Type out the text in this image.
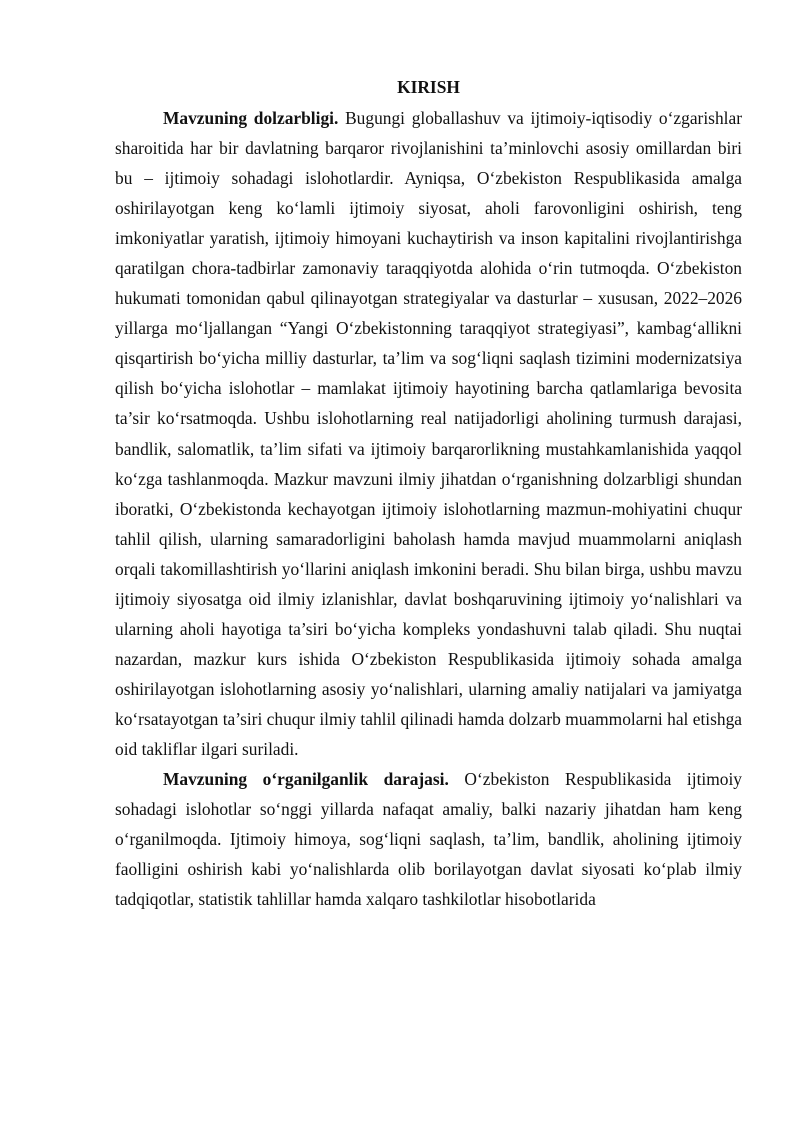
KIRISH

Mavzuning dolzarbligi. Bugungi globallashuv va ijtimoiy-iqtisodiy o‘zgarishlar sharoitida har bir davlatning barqaror rivojlanishini ta’minlovchi asosiy omillardan biri bu – ijtimoiy sohadagi islohotlardir. Ayniqsa, O‘zbekiston Respublikasida amalga oshirilayotgan keng ko‘lamli ijtimoiy siyosat, aholi farovonligini oshirish, teng imkoniyatlar yaratish, ijtimoiy himoyani kuchaytirish va inson kapitalini rivojlantirishga qaratilgan chora-tadbirlar zamonaviy taraqqiyotda alohida o‘rin tutmoqda. O‘zbekiston hukumati tomonidan qabul qilinayotgan strategiyalar va dasturlar – xususan, 2022–2026 yillarga mo‘ljallangan “Yangi O‘zbekistonning taraqqiyot strategiyasi”, kambag‘allikni qisqartirish bo‘yicha milliy dasturlar, ta’lim va sog‘liqni saqlash tizimini modernizatsiya qilish bo‘yicha islohotlar – mamlakat ijtimoiy hayotining barcha qatlamlariga bevosita ta’sir ko‘rsatmoqda. Ushbu islohotlarning real natijadorligi aholining turmush darajasi, bandlik, salomatlik, ta’lim sifati va ijtimoiy barqarorlikning mustahkamlanishida yaqqol ko‘zga tashlanmoqda. Mazkur mavzuni ilmiy jihatdan o‘rganishning dolzarbligi shundan iboratki, O‘zbekistonda kechayotgan ijtimoiy islohotlarning mazmun-mohiyatini chuqur tahlil qilish, ularning samaradorligini baholash hamda mavjud muammolarni aniqlash orqali takomillashtirish yo‘llarini aniqlash imkonini beradi. Shu bilan birga, ushbu mavzu ijtimoiy siyosatga oid ilmiy izlanishlar, davlat boshqaruvining ijtimoiy yo‘nalishlari va ularning aholi hayotiga ta’siri bo‘yicha kompleks yondashuvni talab qiladi. Shu nuqtai nazardan, mazkur kurs ishida O‘zbekiston Respublikasida ijtimoiy sohada amalga oshirilayotgan islohotlarning asosiy yo‘nalishlari, ularning amaliy natijalari va jamiyatga ko‘rsatayotgan ta’siri chuqur ilmiy tahlil qilinadi hamda dolzarb muammolarni hal etishga oid takliflar ilgari suriladi.

Mavzuning o‘rganilganlik darajasi. O‘zbekiston Respublikasida ijtimoiy sohadagi islohotlar so‘nggi yillarda nafaqat amaliy, balki nazariy jihatdan ham keng o‘rganilmoqda. Ijtimoiy himoya, sog‘liqni saqlash, ta’lim, bandlik, aholining ijtimoiy faolligini oshirish kabi yo‘nalishlarda olib borilayotgan davlat siyosati ko‘plab ilmiy tadqiqotlar, statistik tahlillar hamda xalqaro tashkilotlar hisobotlarida
